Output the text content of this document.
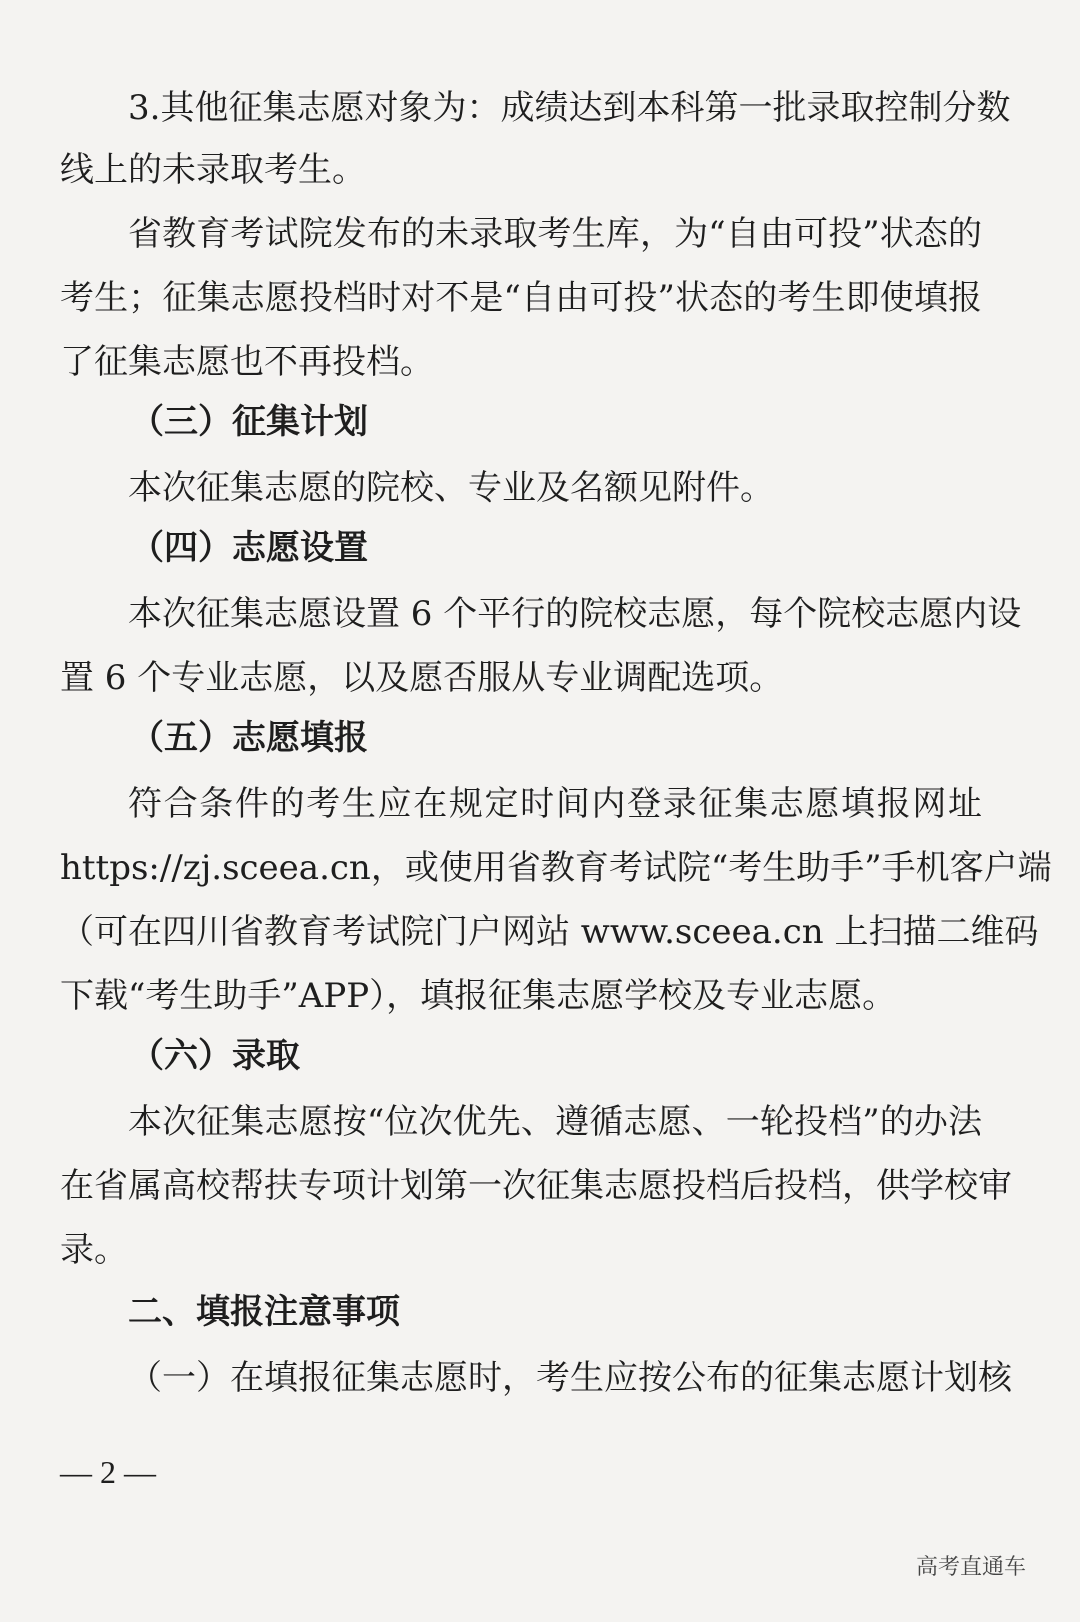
3.其他征集志愿对象为：成绩达到本科第一批录取控制分数
线上的未录取考生。
省教育考试院发布的未录取考生库，为“自由可投”状态的
考生；征集志愿投档时对不是“自由可投”状态的考生即使填报
了征集志愿也不再投档。
（三）征集计划
本次征集志愿的院校、专业及名额见附件。
（四）志愿设置
本次征集志愿设置 6 个平行的院校志愿，每个院校志愿内设
置 6 个专业志愿，以及愿否服从专业调配选项。
（五）志愿填报
符合条件的考生应在规定时间内登录征集志愿填报网址
https://zj.sceea.cn，或使用省教育考试院“考生助手”手机客户端
（可在四川省教育考试院门户网站 www.sceea.cn 上扫描二维码
下载“考生助手”APP），填报征集志愿学校及专业志愿。
（六）录取
本次征集志愿按“位次优先、遵循志愿、一轮投档”的办法
在省属高校帮扶专项计划第一次征集志愿投档后投档，供学校审
录。
二、填报注意事项
（一）在填报征集志愿时，考生应按公布的征集志愿计划核
— 2 —
高考直通车
